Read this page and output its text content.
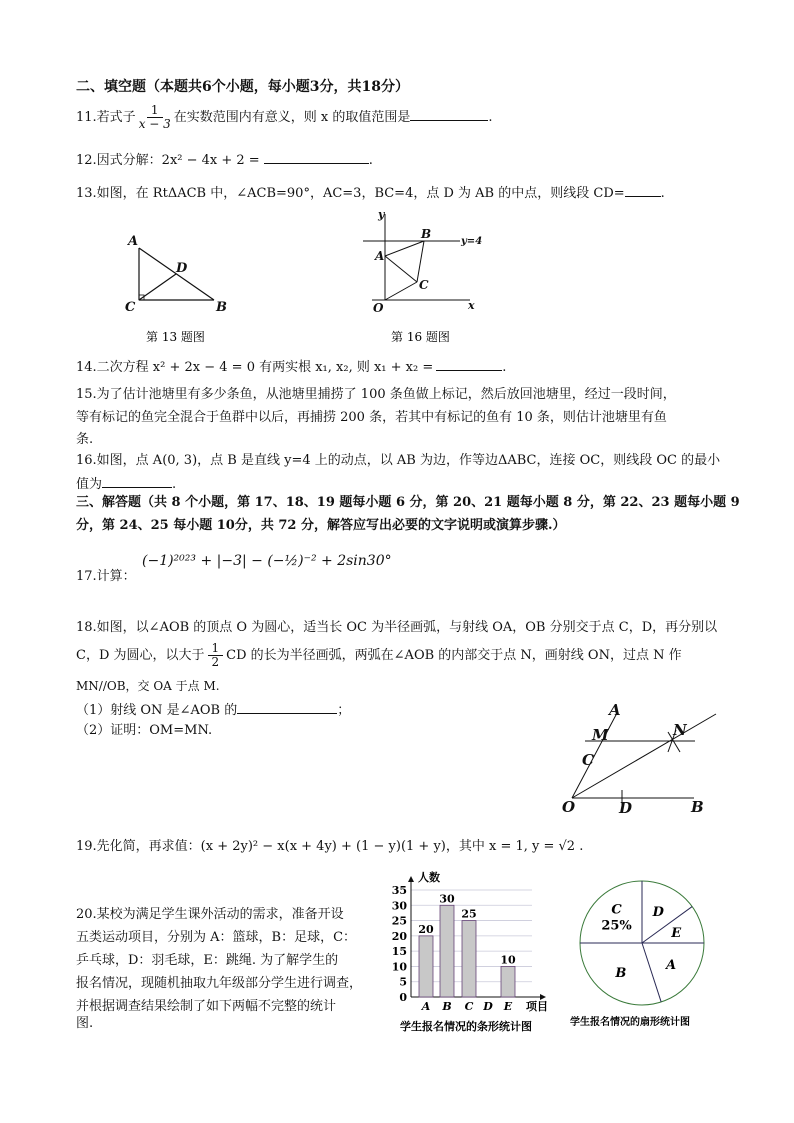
二、填空题（本题共6个小题，每小题3分，共18分）
11.若式子 $\frac{1}{x - 3}$ 在实数范围内有意义，则 x 的取值范围是	.
12.因式分解：2x² − 4x + 2 =	.
13.如图，在 RtΔACB 中，∠ACB=90°，AC=3，BC=4，点 D 为 AB 的中点，则线段 CD=	.
A
C	B
D
第 13 题图
y
x
O
A
B
C
y=4
第 16 题图
A
M	N
C
O	D	B
0
5
10
15
20
25
30
35
人数
项目
学生报名情况的条形统计图
20
A
30
B
25
C D
10
E
D
E
A
B
C
25%
学生报名情况的扇形统计图
14.二次方程 x² + 2x − 4 = 0 有两实根 x₁, x₂, 则 x₁ + x₂ =	.
15.为了估计池塘里有多少条鱼，从池塘里捕捞了 100 条鱼做上标记，然后放回池塘里，经过一段时间，
等有标记的鱼完全混合于鱼群中以后，再捕捞 200 条，若其中有标记的鱼有 10 条，则估计池塘里有鱼
条.
16.如图，点 A(0, 3)，点 B 是直线 y=4 上的动点，以 AB 为边，作等边ΔABC，连接 OC，则线段 OC 的最小
值为	.
三、解答题（共 8 个小题，第 17、18、19 题每小题 6 分，第 20、21 题每小题 8 分，第 22、23 题每小题 9
分，第 24、25 每小题 10分，共 72 分，解答应写出必要的文字说明或演算步骤.）
17.计算：
(−1)²⁰²³ + |−3| − (−½)⁻² + 2sin30°
18.如图，以∠AOB 的顶点 O 为圆心，适当长 OC 为半径画弧，与射线 OA，OB 分别交于点 C，D，再分别以
C，D 为圆心，以大于 $\frac{1}{2}$ CD 的长为半径画弧，两弧在∠AOB 的内部交于点 N，画射线 ON，过点 N 作
MN//OB，交 OA 于点 M.
（1）射线 ON 是∠AOB 的	；
（2）证明：OM=MN.
19.先化简，再求值：(x + 2y)² − x(x + 4y) + (1 − y)(1 + y)，其中 x = 1, y = √2 .
20.某校为满足学生课外活动的需求，准备开设
五类运动项目，分别为 A：篮球，B：足球，C：
乒乓球，D：羽毛球，E：跳绳. 为了解学生的
报名情况，现随机抽取九年级部分学生进行调查，
并根据调查结果绘制了如下两幅不完整的统计
图.
